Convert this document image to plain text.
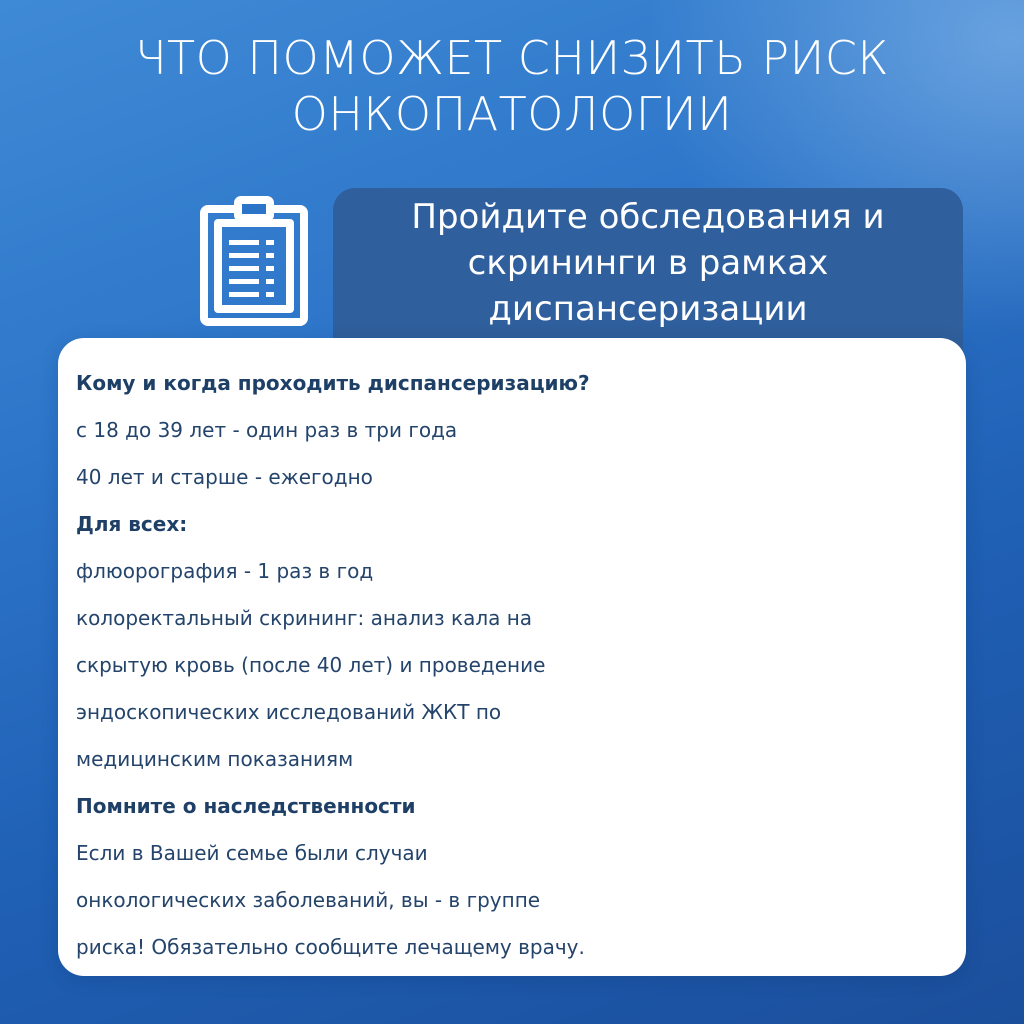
ЧТО ПОМОЖЕТ СНИЗИТЬ РИСК
ОНКОПАТОЛОГИИ
Пройдите обследования и
скрининги в рамках
диспансеризации
Кому и когда проходить диспансеризацию?
с 18 до 39 лет - один раз в три года
40 лет и старше - ежегодно
Для всех:
флюорография - 1 раз в год
колоректальный скрининг: анализ кала на
скрытую кровь (после 40 лет) и проведение
эндоскопических исследований ЖКТ по
медицинским показаниям
Помните о наследственности
Если в Вашей семье были случаи
онкологических заболеваний, вы - в группе
риска! Обязательно сообщите лечащему врачу.
